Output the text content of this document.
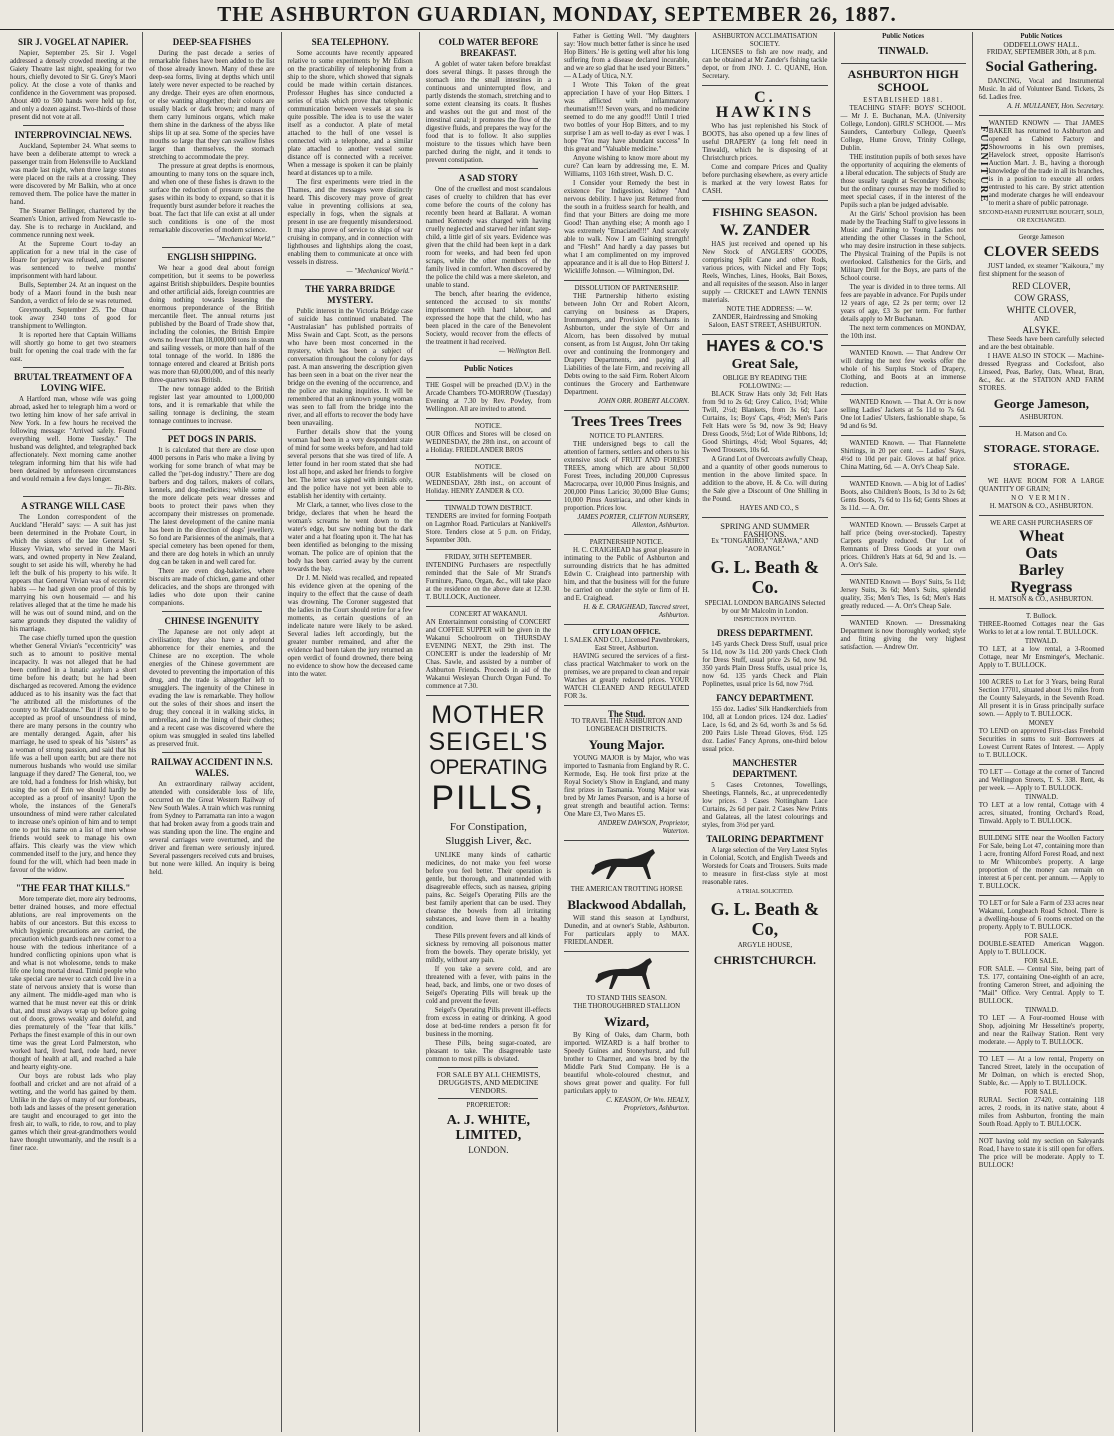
THE ASHBURTON GUARDIAN, MONDAY, SEPTEMBER 26, 1887.
SIR J. VOGEL AT NAPIER.

Napier, September 25. Sir J. Vogel addressed a densely crowded meeting at the Gaiety Theatre last night, speaking for two hours, chiefly devoted to Sir G. Grey's Maori policy. At the close a vote of thanks and confidence in the Government was proposed. About 400 to 500 hands were held up for, and only a dozen against. Two-thirds of those present did not vote at all.

INTERPROVINCIAL NEWS.

Auckland, September 24. What seems to have been a deliberate attempt to wreck a passenger train from Helensville to Auckland was made last night, when three large stones were placed on the rails at a crossing. They were discovered by Mr Balkin, who at once removed them. The police have the matter in hand.

The Steamer Bellinger, chartered by the Seamen's Union, arrived from Newcastle to-day. She is to recharge in Auckland, and commence running next week.

At the Supreme Court to-day an application for a new trial in the case of Hoare for perjury was refused, and prisoner was sentenced to twelve months' imprisonment with hard labour.

Bulls, September 24. At an inquest on the body of a Maori found in the bush near Sandon, a verdict of felo de se was returned.

Greymouth, September 25. The Ohau took away 2340 tons of good for transhipment to Wellington.

It is reported here that Captain Williams will shortly go home to get two steamers built for opening the coal trade with the far east.

BRUTAL TREATMENT OF A LOVING WIFE.

A Hartford man, whose wife was going abroad, asked her to telegraph him a word or two letting him know of her safe arrival in New York. In a few hours he received the following message: "Arrived safely. Found everything well. Home Tuesday." The husband was delighted, and telegraphed back affectionately. Next morning came another telegram informing him that his wife had been detained by unforeseen circumstances and would remain a few days longer.

— Tit-Bits.

A STRANGE WILL CASE

The London correspondent of the Auckland "Herald" says: — A suit has just been determined in the Probate Court, in which the sisters of the late General St. Hussey Vivian, who served in the Maori wars, and owned property in New Zealand, sought to set aside his will, whereby he had left the bulk of his property to his wife. It appears that General Vivian was of eccentric habits — he had given one proof of this by marrying his own housemaid — and his relatives alleged that at the time he made his will he was out of sound mind, and on the same grounds they disputed the validity of his marriage.

The case chiefly turned upon the question whether General Vivian's "eccentricity" was such as to amount to positive mental incapacity. It was not alleged that he had been confined in a lunatic asylum a short time before his death; but he had been discharged as recovered. Among the evidence adduced as to his insanity was the fact that "he attributed all the misfortunes of the country to Mr Gladstone." But if this is to be accepted as proof of unsoundness of mind, there are many persons in the country who are mentally deranged. Again, after his marriage, he used to speak of his "sisters" as a woman of strong passion, and said that his life was a hell upon earth; but are there not numerous husbands who would use similar language if they dared? The General, too, we are told, had a fondness for Irish whisky, but using the son of Erin we should hardly be accepted as a proof of insanity! Upon the whole, the instances of the General's unsoundness of mind were rather calculated to increase one's opinion of him and to tempt one to put his name on a list of men whose friends would seek to manage his own affairs. This clearly was the view which commended itself to the jury, and hence they found for the will, which had been made in favour of the widow.

"THE FEAR THAT KILLS."

More temperate diet, more airy bedrooms, better drained houses, and more effectual ablutions, are real improvements on the habits of our ancestors. But this excess to which hygienic precautions are carried, the precaution which guards each new comer to a house with the tedious inheritance of a hundred conflicting opinions upon what is and what is not wholesome, tends to make life one long mortal dread. Timid people who take special care never to catch cold live in a state of nervous anxiety that is worse than any ailment. The middle-aged man who is warned that he must never eat this or drink that, and must always wrap up before going out of doors, grows weakly and doleful, and dies prematurely of the "fear that kills." Perhaps the finest example of this in our own time was the great Lord Palmerston, who worked hard, lived hard, rode hard, never thought of health at all, and reached a hale and hearty eighty-one.

Our boys are robust lads who play football and cricket and are not afraid of a wetting, and the world has gained by them. Unlike in the days of many of our forebears, both lads and lasses of the present generation are taught and encouraged to get into the fresh air, to walk, to ride, to row, and to play games which their great-grandmothers would have thought unwomanly, and the result is a finer race.

DEEP-SEA FISHES

During the past decade a series of remarkable fishes have been added to the list of those already known. Many of these are deep-sea forms, living at depths which until lately were never expected to be reached by any dredge. Their eyes are often enormous, or else wanting altogether; their colours are usually black or dark brown; and many of them carry luminous organs, which make them shine in the darkness of the abyss like ships lit up at sea. Some of the species have mouths so large that they can swallow fishes larger than themselves, the stomach stretching to accommodate the prey.

The pressure at great depths is enormous, amounting to many tons on the square inch, and when one of these fishes is drawn to the surface the reduction of pressure causes the gases within its body to expand, so that it is frequently burst asunder before it reaches the boat. The fact that life can exist at all under such conditions is one of the most remarkable discoveries of modern science.

— "Mechanical World."

ENGLISH SHIPPING.

We hear a good deal about foreign competition, but it seems to be powerless against British shipbuilders. Despite bounties and other artificial aids, foreign countries are doing nothing towards lessening the enormous preponderance of the British mercantile fleet. The annual returns just published by the Board of Trade show that, including the colonies, the British Empire owns no fewer than 18,000,000 tons in steam and sailing vessels, or more than half of the total tonnage of the world. In 1886 the tonnage entered and cleared at British ports was more than 60,000,000, and of this nearly three-quarters was British.

The new tonnage added to the British register last year amounted to 1,000,000 tons, and it is remarkable that while the sailing tonnage is declining, the steam tonnage continues to increase.

PET DOGS IN PARIS.

It is calculated that there are close upon 4000 persons in Paris who make a living by working for some branch of what may be called the "pet-dog industry." There are dog barbers and dog tailors, makers of collars, kennels, and dog-medicines; while some of the more delicate pets wear dresses and boots to protect their paws when they accompany their mistresses on promenade. The latest development of the canine mania has been in the direction of dogs' jewellery. So fond are Parisiennes of the animals, that a special cemetery has been opened for them, and there are dog hotels in which an unruly dog can be taken in and well cared for.

There are even dog-bakeries, where biscuits are made of chicken, game and other delicacies, and the shops are thronged with ladies who dote upon their canine companions.

CHINESE INGENUITY

The Japanese are not only adept at civilisation; they also have a profound abhorrence for their enemies, and the Chinese are no exception. The whole energies of the Chinese government are devoted to preventing the importation of this drug, and the trade is altogether left to smugglers. The ingenuity of the Chinese in evading the law is remarkable. They hollow out the soles of their shoes and insert the drug; they conceal it in walking sticks, in umbrellas, and in the lining of their clothes; and a recent case was discovered where the opium was smuggled in sealed tins labelled as preserved fruit.

RAILWAY ACCIDENT IN N.S. WALES.

An extraordinary railway accident, attended with considerable loss of life, occurred on the Great Western Railway of New South Wales. A train which was running from Sydney to Parramatta ran into a wagon that had broken away from a goods train and was standing upon the line. The engine and several carriages were overturned, and the driver and fireman were seriously injured. Several passengers received cuts and bruises, but none were killed. An inquiry is being held.

SEA TELEPHONY.

Some accounts have recently appeared relative to some experiments by Mr Edison on the practicability of telephoning from a ship to the shore, which showed that signals could be made within certain distances. Professor Hughes has since conducted a series of trials which prove that telephonic communication between vessels at sea is quite possible. The idea is to use the water itself as a conductor. A plate of metal attached to the hull of one vessel is connected with a telephone, and a similar plate attached to another vessel some distance off is connected with a receiver. When a message is spoken it can be plainly heard at distances up to a mile.

The first experiments were tried in the Thames, and the messages were distinctly heard. This discovery may prove of great value in preventing collisions at sea, especially in fogs, when the signals at present in use are frequently misunderstood. It may also prove of service to ships of war cruising in company, and in connection with lighthouses and lightships along the coast, enabling them to communicate at once with vessels in distress.

— "Mechanical World."

THE YARRA BRIDGE MYSTERY.

Public interest in the Victoria Bridge case of suicide has continued unabated. The "Australasian" has published portraits of Miss Swain and Capt. Scott, as the persons who have been most concerned in the mystery, which has been a subject of conversation throughout the colony for days past. A man answering the description given has been seen in a boat on the river near the bridge on the evening of the occurrence, and the police are making inquiries. It will be remembered that an unknown young woman was seen to fall from the bridge into the river, and all efforts to recover the body have been unavailing.

Further details show that the young woman had been in a very despondent state of mind for some weeks before, and had told several persons that she was tired of life. A letter found in her room stated that she had lost all hope, and asked her friends to forgive her. The letter was signed with initials only, and the police have not yet been able to establish her identity with certainty.

Mr Clark, a tanner, who lives close to the bridge, declares that when he heard the woman's screams he went down to the water's edge, but saw nothing but the dark water and a hat floating upon it. The hat has been identified as belonging to the missing woman. The police are of opinion that the body has been carried away by the current towards the bay.

Dr J. M. Nield was recalled, and repeated his evidence given at the opening of the inquiry to the effect that the cause of death was drowning. The Coroner suggested that the ladies in the Court should retire for a few moments, as certain questions of an indelicate nature were likely to be asked. Several ladies left accordingly, but the greater number remained, and after the evidence had been taken the jury returned an open verdict of found drowned, there being no evidence to show how the deceased came into the water.

COLD WATER BEFORE BREAKFAST.

A goblet of water taken before breakfast does several things. It passes through the stomach into the small intestines in a continuous and uninterrupted flow, and partly distends the stomach, stretching and to some extent cleansing its coats. It flushes and washes out the gut and most of the intestinal canal; it promotes the flow of the digestive fluids, and prepares the way for the food that is to follow. It also supplies moisture to the tissues which have been parched during the night, and it tends to prevent constipation.

A SAD STORY

One of the cruellest and most scandalous cases of cruelty to children that has ever come before the courts of the colony has recently been heard at Ballarat. A woman named Kennedy was charged with having cruelly neglected and starved her infant step-child, a little girl of six years. Evidence was given that the child had been kept in a dark room for weeks, and had been fed upon scraps, while the other members of the family lived in comfort. When discovered by the police the child was a mere skeleton, and unable to stand.

The bench, after hearing the evidence, sentenced the accused to six months' imprisonment with hard labour, and expressed the hope that the child, who has been placed in the care of the Benevolent Society, would recover from the effects of the treatment it had received.

— Wellington Bell.

Public Notices

THE Gospel will be preached (D.V.) in the Arcade Chambers TO-MORROW (Tuesday) Evening at 7.30 by Rev. Powley, from Wellington. All are invited to attend.

NOTICE.

OUR Offices and Stores will be closed on WEDNESDAY, the 28th inst., on account of a Holiday. FRIEDLANDER BROS

NOTICE.

OUR Establishments will be closed on WEDNESDAY, 28th inst., on account of Holiday. HENRY ZANDER & CO.

TINWALD TOWN DISTRICT.

TENDERS are invited for forming Footpath on Lagmhor Road. Particulars at Nankivell's Store. Tenders close at 5 p.m. on Friday, September 30th.

FRIDAY, 30TH SEPTEMBER.

INTENDING Purchasers are respectfully reminded that the Sale of Mr Strand's Furniture, Piano, Organ, &c., will take place at the residence on the above date at 12.30. T. BULLOCK, Auctioneer.

CONCERT AT WAKANUI.

AN Entertainment consisting of CONCERT and COFFEE SUPPER will be given in the Wakanui Schoolroom on THURSDAY EVENING NEXT, the 29th inst. The CONCERT is under the leadership of Mr Chas. Sawle, and assisted by a number of Ashburton Friends. Proceeds in aid of the Wakanui Wesleyan Church Organ Fund. To commence at 7.30.

MOTHER
SEIGEL'S
OPERATING
PILLS,
For Constipation,
Sluggish Liver, &c.

UNLIKE many kinds of cathartic medicines, do not make you feel worse before you feel better. Their operation is gentle, but thorough, and unattended with disagreeable effects, such as nausea, griping pains, &c. Seigel's Operating Pills are the best family aperient that can be used. They cleanse the bowels from all irritating substances, and leave them in a healthy condition.

These Pills prevent fevers and all kinds of sickness by removing all poisonous matter from the bowels. They operate briskly, yet mildly, without any pain.

If you take a severe cold, and are threatened with a fever, with pains in the head, back, and limbs, one or two doses of Seigel's Operating Pills will break up the cold and prevent the fever.

Seigel's Operating Pills prevent ill-effects from excess in eating or drinking. A good dose at bed-time renders a person fit for business in the morning.

These Pills, being sugar-coated, are pleasant to take. The disagreeable taste common to most pills is obviated.

FOR SALE BY ALL CHEMISTS, DRUGGISTS, AND MEDICINE VENDORS.
PROPRIETOR:
A. J. WHITE, LIMITED,
LONDON.

Father is Getting Well. "My daughters say: 'How much better father is since he used Hop Bitters.' He is getting well after his long suffering from a disease declared incurable, and we are so glad that he used your Bitters." — A Lady of Utica, N.Y.

I Wrote This Token of the great appreciation I have of your Hop Bitters. I was afflicted with inflammatory rheumatism!!! Seven years, and no medicine seemed to do me any good!!! Until I tried two bottles of your Hop Bitters, and to my surprise I am as well to-day as ever I was. I hope "You may have abundant success" In this great and "Valuable medicine."

Anyone wishing to know more about my cure? Can learn by addressing me, E. M. Williams, 1103 16th street, Wash. D. C.

I Consider your Remedy the best in existence For Indigestion, kidney "And nervous debility. I have just Returned from the south in a fruitless search for health, and find that your Bitters are doing me more Good! Than anything else; A month ago I was extremely "Emaciated!!!" And scarcely able to walk. Now I am Gaining strength! and "Flesh!" And hardly a day passes but what I am complimented on my improved appearance and it is all due to Hop Bitters! J. Wickliffe Johnson. — Wilmington, Del.

DISSOLUTION OF PARTNERSHIP.

THE Partnership hitherto existing between John Orr and Robert Alcorn, carrying on business as Drapers, Ironmongers, and Provision Merchants in Ashburton, under the style of Orr and Alcorn, has been dissolved by mutual consent, as from 1st August, John Orr taking over and continuing the Ironmongery and Drapery Departments, and paying all Liabilities of the late Firm, and receiving all Debts owing to the said Firm. Robert Alcorn continues the Grocery and Earthenware Department.

JOHN ORR. ROBERT ALCORN.

Trees Trees Trees
NOTICE TO PLANTERS.

THE undersigned begs to call the attention of farmers, settlers and others to his extensive stock of FRUIT AND FOREST TREES, among which are about 50,000 Forest Trees, including 200,000 Cupressus Macrocarpa, over 10,000 Pinus Insignis, and 200,000 Pinus Laricio; 30,000 Blue Gums; 10,000 Pinus Austriaca, and other kinds in proportion. Prices low.

JAMES PORTER, CLIFTON NURSERY, Allenton, Ashburton.

PARTNERSHIP NOTICE.

H. C. CRAIGHEAD has great pleasure in intimating to the Public of Ashburton and surrounding districts that he has admitted Edwin C. Craighead into partnership with him, and that the business will for the future be carried on under the style or firm of H. and E. Craighead.

H. & E. CRAIGHEAD, Tancred street, Ashburton.

CITY LOAN OFFICE.
I. SALEK AND CO., Licensed Pawnbrokers, East Street, Ashburton.

HAVING secured the services of a first-class practical Watchmaker to work on the premises, we are prepared to clean and repair Watches at greatly reduced prices. YOUR WATCH CLEANED AND REGULATED FOR 3s.

The Stud.
TO TRAVEL THE ASHBURTON AND LONGBEACH DISTRICTS.
Young Major.

YOUNG MAJOR is by Major, who was imported to Tasmania from England by R. C. Kermode, Esq. He took first prize at the Royal Society's Show in England, and many first prizes in Tasmania. Young Major was bred by Mr James Pearson, and is a horse of great strength and beautiful action. Terms: One Mare £3, Two Mares £5.

ANDREW DAWSON, Proprietor, Waterton.

THE AMERICAN TROTTING HORSE
Blackwood Abdallah,

Will stand this season at Lyndhurst, Dunedin, and at owner's Stable, Ashburton. For particulars apply to MAX. FRIEDLANDER.

TO STAND THIS SEASON.
THE THOROUGHBRED STALLION
Wizard,

By King of Oaks, dam Charm, both imported. WIZARD is a half brother to Speedy Guines and Stoneyhurst, and full brother to Charmer, and was bred by the Middle Park Stud Company. He is a beautiful whole-coloured chestnut, and shows great power and quality. For full particulars apply to

C. KEASON, Or Wm. HEALY, Proprietors, Ashburton.

ASHBURTON ACCLIMATISATION SOCIETY.

LICENSES to fish are now ready, and can be obtained at Mr Zander's fishing tackle depot, or from JNO. J. C. QUANE, Hon. Secretary.

C. HAWKINS

Who has just replenished his Stock of BOOTS, has also opened up a few lines of useful DRAPERY (a long felt need in Tinwald), which he is disposing of at Christchurch prices.

Come and compare Prices and Quality before purchasing elsewhere, as every article is marked at the very lowest Rates for CASH.

FISHING SEASON.
W. ZANDER

HAS just received and opened up his New Stock of ANGLERS' GOODS, comprising Split Cane and other Rods, various prices, with Nickel and Fly Tops; Reels, Winches, Lines, Hooks, Bait Boxes, and all requisites of the season. Also in larger supply — CRICKET and LAWN TENNIS materials.

NOTE THE ADDRESS: — W. ZANDER, Hairdressing and Smoking Saloon, EAST STREET, ASHBURTON.

HAYES & CO.'S
Great Sale,
OBLIGE BY READING THE FOLLOWING: —

BLACK Straw Hats only 3d; Felt Hats from 9d to 2s 6d; Grey Calico, 1½d; White Twill, 2½d; Blankets, from 3s 6d; Lace Curtains, 1s; Boys' Caps, 4½d; Men's Paris Felt Hats were 5s 9d, now 3s 9d; Heavy Dress Goods, 5½d; Lot of Wide Ribbons, 1d; Good Shirtings, 4½d; Wool Squares, 4d; Tweed Trousers, 10s 6d.

A Grand Lot of Overcoats awfully Cheap, and a quantity of other goods numerous to mention in the above limited space. In addition to the above, H. & Co. will during the Sale give a Discount of One Shilling in the Pound.

HAYES AND CO., S

SPRING AND SUMMER FASHIONS.
Ex "TONGARIRO," "ARAWA," AND "AORANGI."
G. L. Beath & Co.
SPECIAL LONDON BARGAINS Selected by our Mr Malcolm in London.
INSPECTION INVITED.
DRESS DEPARTMENT.

145 yards Check Dress Stuff, usual price 5s 11d, now 3s 11d. 200 yards Check Cloth for Dress Stuff, usual price 2s 6d, now 9d. 350 yards Plain Dress Stuffs, usual price 1s, now 6d. 135 yards Check and Plain Poplinettes, usual price 1s 6d, now 7½d.

FANCY DEPARTMENT.

155 doz. Ladies' Silk Handkerchiefs from 10d, all at London prices. 124 doz. Ladies' Lace, 1s 6d, and 2s 6d, worth 3s and 5s 6d. 200 Pairs Lisle Thread Gloves, 6½d. 125 doz. Ladies' Fancy Aprons, one-third below usual price.

MANCHESTER DEPARTMENT.

5 Cases Cretonnes, Towellings, Sheetings, Flannels, &c., at unprecedentedly low prices. 3 Cases Nottingham Lace Curtains, 2s 6d per pair. 2 Cases New Prints and Galateas, all the latest colourings and styles, from 3½d per yard.

TAILORING DEPARTMENT

A large selection of the Very Latest Styles in Colonial, Scotch, and English Tweeds and Worsteds for Coats and Trousers. Suits made to measure in first-class style at most reasonable rates.

A TRIAL SOLICITED.
G. L. Beath & Co,
ARGYLE HOUSE,
CHRISTCHURCH.
Public Notices
TINWALD.
ASHBURTON HIGH SCHOOL
ESTABLISHED 1881.

TEACHING STAFF: BOYS' SCHOOL — Mr J. E. Buchanan, M.A. (University College, London). GIRLS' SCHOOL — Mrs Saunders, Canterbury College, Queen's College, Hume Grove, Trinity College, Dublin.

THE institution pupils of both sexes have the opportunity of acquiring the elements of a liberal education. The subjects of Study are those usually taught at Secondary Schools; but the ordinary courses may be modified to meet special cases, if in the interest of the Pupils such a plan be judged advisable.

At the Girls' School provision has been made by the Teaching Staff to give lessons in Music and Painting to Young Ladies not attending the other Classes in the School, who may desire instruction in these subjects. The Physical Training of the Pupils is not overlooked. Calisthenics for the Girls, and Military Drill for the Boys, are parts of the School course.

The year is divided in to three terms. All fees are payable in advance. For Pupils under 12 years of age, £2 2s per term; over 12 years of age, £3 3s per term. For further details apply to Mr Buchanan.

The next term commences on MONDAY, the 10th inst.

WANTED Known. — That Andrew Orr will during the next few weeks offer the whole of his Surplus Stock of Drapery, Clothing, and Boots at an immense reduction.

WANTED Known. — That A. Orr is now selling Ladies' Jackets at 5s 11d to 7s 6d. One lot Ladies' Ulsters, fashionable shape, 5s 9d and 6s 9d.

WANTED Known. — That Flannelette Shirtings, in 20 per cent. — Ladies' Stays, 4½d to 10d per pair. Gloves at half price. China Matting, 6d. — A. Orr's Cheap Sale.

WANTED Known. — A big lot of Ladies' Boots, also Children's Boots, 1s 3d to 2s 6d; Gents Boots, 7s 6d to 11s 6d; Gents Shoes at 3s 11d. — A. Orr.

WANTED Known. — Brussels Carpet at half price (being over-stocked). Tapestry Carpets greatly reduced. Our Lot of Remnants of Dress Goods at your own prices. Children's Hats at 6d, 9d and 1s. — A. Orr's Sale.

WANTED Known — Boys' Suits, 5s 11d; Jersey Suits, 3s 6d; Men's Suits, splendid quality, 35s; Men's Ties, 1s 6d; Men's Hats greatly reduced. — A. Orr's Cheap Sale.

WANTED Known. — Dressmaking Department is now thoroughly worked; style and fitting giving the very highest satisfaction. — Andrew Orr.

Public Notices
ODDFELLOWS' HALL.
FRIDAY, SEPTEMBER 30th, at 8 p.m.
Social Gathering.

DANCING, Vocal and Instrumental Music. In aid of Volunteer Band. Tickets, 2s 6d. Ladies free.

A. H. MULLANEY, Hon. Secretary.

FURNITURE

WANTED KNOWN — That JAMES BAKER has returned to Ashburton and opened a Cabinet Factory and Showrooms in his own premises, Havelock street, opposite Harrison's Auction Mart. J. B., having a thorough knowledge of the trade in all its branches, is in a position to execute all orders entrusted to his care. By strict attention and moderate charges he will endeavour to merit a share of public patronage.

SECOND-HAND FURNITURE BOUGHT, SOLD, OR EXCHANGED.
George Jameson
CLOVER SEEDS

JUST landed, ex steamer "Kaikoura," my first shipment for the season of

RED CLOVER,
COW GRASS,
WHITE CLOVER,
AND
ALSYKE.

These Seeds have been carefully selected and are the best obtainable.

I HAVE ALSO IN STOCK — Machine-dressed Ryegrass and Cocksfoot, also Linseed, Peas, Barley, Oats, Wheat, Bran, &c., &c. at the STATION AND FARM STORES.

George Jameson,
ASHBURTON.
H. Matson and Co.
STORAGE. STORAGE.
STORAGE.

WE HAVE ROOM FOR A LARGE QUANTITY OF GRAIN;

NO VERMIN.
H. MATSON & CO., ASHBURTON.
WE ARE CASH PURCHASERS OF
Wheat
Oats
Barley
Ryegrass
H. MATSON & CO., ASHBURTON.
T. Bullock.

THREE-Roomed Cottages near the Gas Works to let at a low rental. T. BULLOCK.

TINWALD.

TO LET, at a low rental, a 3-Roomed Cottage, near Mr Ensminger's, Mechanic. Apply to T. BULLOCK.

100 ACRES to Let for 3 Years, being Rural Section 17701, situated about 1½ miles from the County Saleyards, in the Seventh Road. All present it is in Grass principally surface sown. — Apply to T. BULLOCK.

MONEY

TO LEND on approved First-class Freehold Securities in sums to suit Borrowers at Lowest Current Rates of Interest. — Apply to T. BULLOCK.

TO LET — Cottage at the corner of Tancred and Wellington Streets, T. S. 338. Rent, 4s per week. — Apply to T. BULLOCK.

TINWALD.

TO LET at a low rental, Cottage with 4 acres, situated, fronting Orchard's Road, Tinwald. Apply to T. BULLOCK.

BUILDING SITE near the Woollen Factory For Sale, being Lot 47, containing more than 1 acre, fronting Alford Forest Road, and next to Mr Whitcombe's property. A large proportion of the money can remain on interest at 6 per cent. per annum. — Apply to T. BULLOCK.

TO LET or for Sale a Farm of 233 acres near Wakanui, Longbeach Road School. There is a dwelling-house of 6 rooms erected on the property. Apply to T. BULLOCK.

FOR SALE.

DOUBLE-SEATED American Waggon. Apply to T. BULLOCK.

FOR SALE.

FOR SALE. — Central Site, being part of T.S. 177, containing One-eighth of an acre, fronting Cameron Street, and adjoining the "Mail" Office. Very Central. Apply to T. BULLOCK.

TINWALD.

TO LET — A Four-roomed House with Shop, adjoining Mr Hesseltine's property, and near the Railway Station. Rent very moderate. — Apply to T. BULLOCK.

TO LET — At a low rental, Property on Tancred Street, lately in the occupation of Mr Dolman, on which is erected Shop, Stable, &c. — Apply to T. BULLOCK.

FOR SALE.

RURAL Section 27420, containing 118 acres, 2 roods, in its native state, about 4 miles from Ashburton, fronting the main South Road. Apply to T. BULLOCK.

NOT having sold my section on Saleyards Road, I have to state it is still open for offers. The price will be moderate. Apply to T. BULLOCK!
